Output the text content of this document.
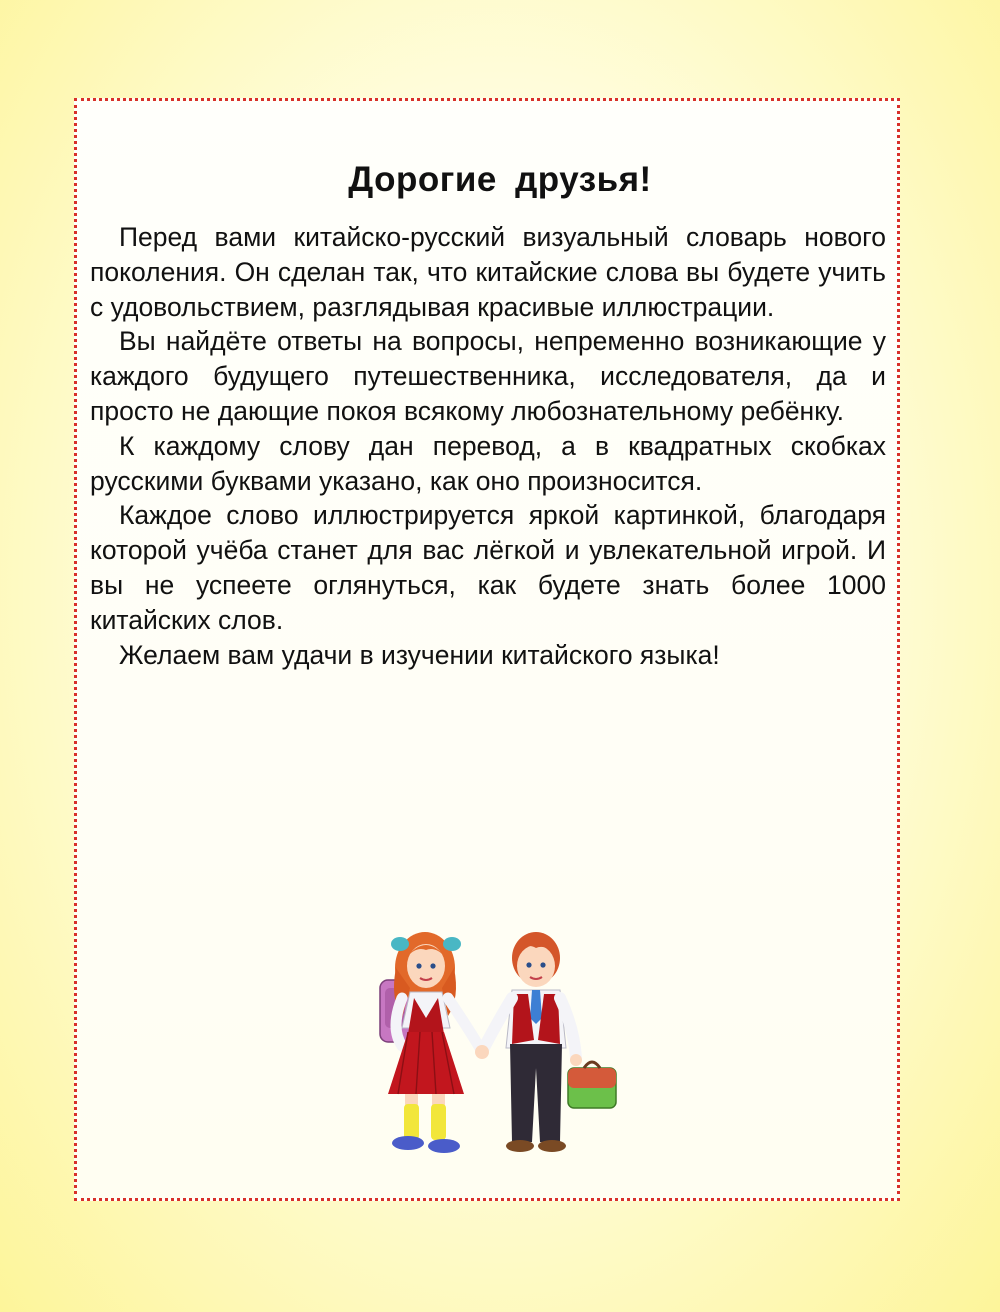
Дорогие друзья!

Перед вами китайско-русский визуальный словарь нового поколения. Он сделан так, что китайские слова вы будете учить с удовольствием, разглядывая красивые иллюстрации.

Вы найдёте ответы на вопросы, непременно возникающие у каждого будущего путешественника, исследователя, да и просто не дающие покоя всякому любознательному ребёнку.

К каждому слову дан перевод, а в квадратных скобках русскими буквами указано, как оно произносится.

Каждое слово иллюстрируется яркой картинкой, благодаря которой учёба станет для вас лёгкой и увлекательной игрой. И вы не успеете оглянуться, как будете знать более 1000 китайских слов.

Желаем вам удачи в изучении китайского языка!
